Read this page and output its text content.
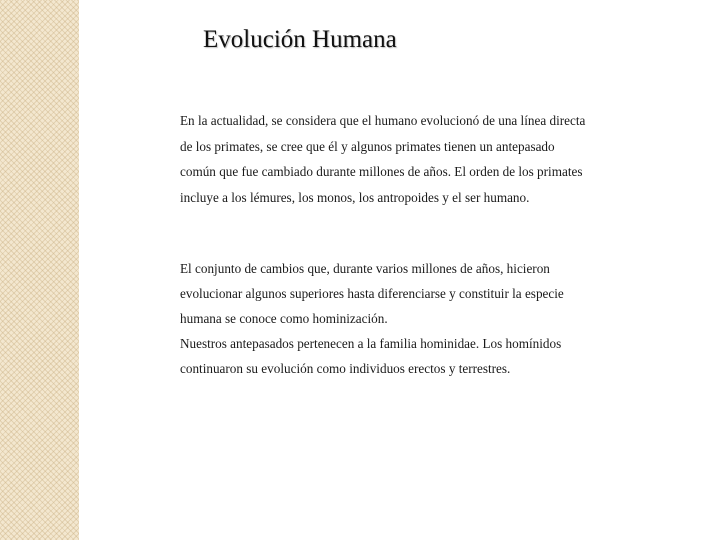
Evolución Humana

En la actualidad, se considera que el humano evolucionó de una línea directa
de los primates, se cree que él y algunos primates tienen un antepasado
común que fue cambiado durante millones de años. El orden de los primates
incluye a los lémures, los monos, los antropoides y el ser humano.

El conjunto de cambios que, durante varios millones de años, hicieron
evolucionar algunos superiores hasta diferenciarse y constituir la especie
humana se conoce como hominización.
Nuestros antepasados pertenecen a la familia hominidae. Los homínidos
continuaron su evolución como individuos erectos y terrestres.
